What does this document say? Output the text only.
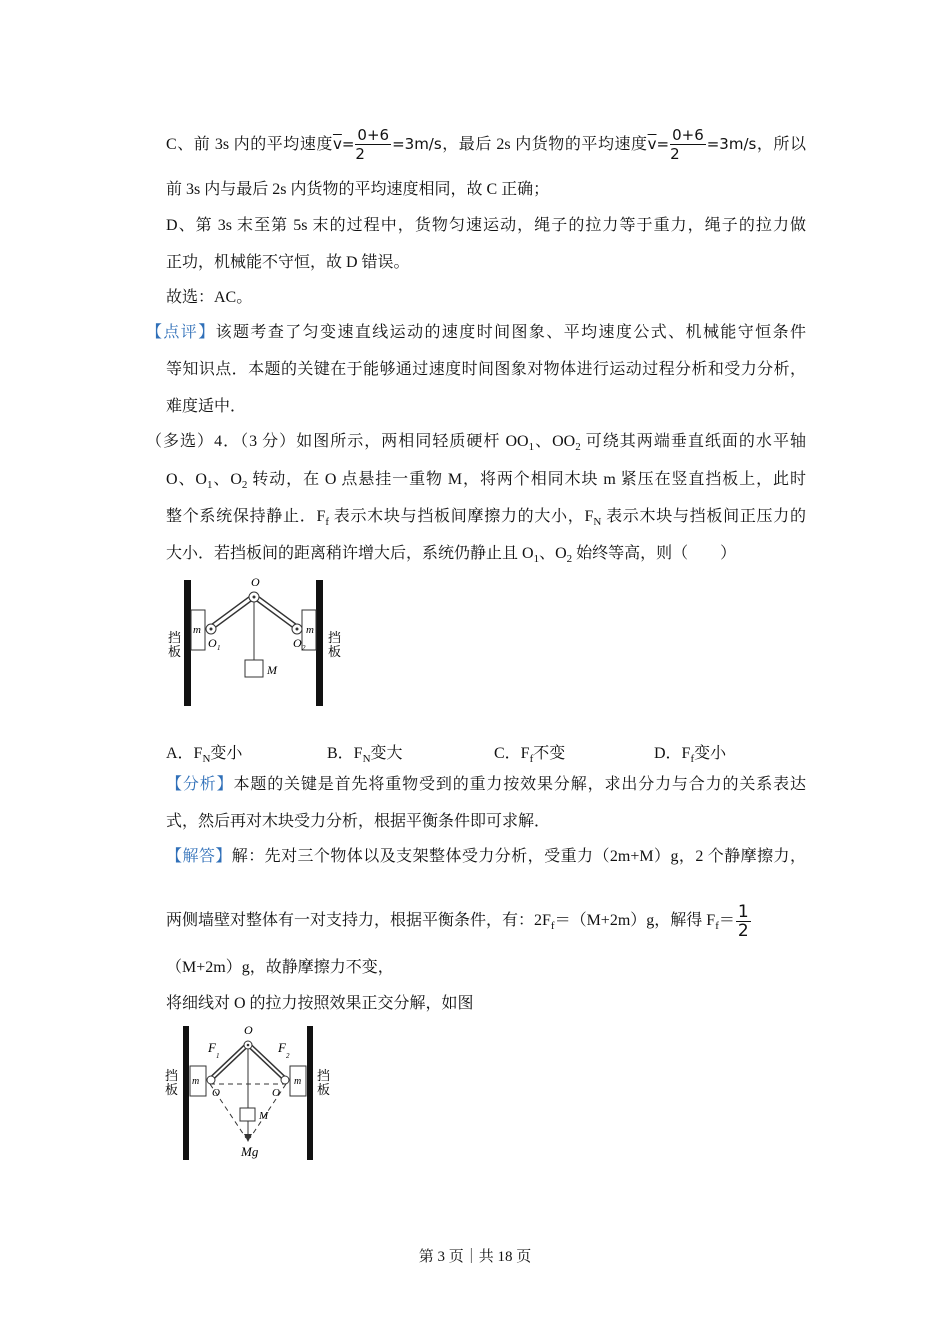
C、前 3s 内的平均速度$\overline{v}= \frac{0+6}{2} =3m/s$，最后 2s 内货物的平均速度$\overline{v}= \frac{0+6}{2} =3m/s$，所以
前 3s 内与最后 2s 内货物的平均速度相同，故 C 正确；
D、第 3s 末至第 5s 末的过程中，货物匀速运动，绳子的拉力等于重力，绳子的拉力做
正功，机械能不守恒，故 D 错误。
故选：AC。
【点评】该题考查了匀变速直线运动的速度时间图象、平均速度公式、机械能守恒条件
等知识点．本题的关键在于能够通过速度时间图象对物体进行运动过程分析和受力分析，
难度适中．
（多选）4．（3 分）如图所示，两相同轻质硬杆 $OO_1$、$OO_2$ 可绕其两端垂直纸面的水平轴
O、$O_1$、$O_2$ 转动，在 O 点悬挂一重物 M，将两个相同木块 m 紧压在竖直挡板上，此时
整个系统保持静止．$F_f$ 表示木块与挡板间摩擦力的大小，$F_N$ 表示木块与挡板间正压力的
大小．若挡板间的距离稍许增大后，系统仍静止且 $O_1$、$O_2$ 始终等高，则（　　）
【分析】本题的关键是首先将重物受到的重力按效果分解，求出分力与合力的关系表达
式，然后再对木块受力分析，根据平衡条件即可求解．
【解答】解：先对三个物体以及支架整体受力分析，受重力（2m+M）g，2 个静摩擦力，
两侧墙壁对整体有一对支持力，根据平衡条件，有：$2F_f=(M+2m)g$，解得 $F_f= \frac{1}{2}$
（M+2m）g，故静摩擦力不变，
将细线对 O 的拉力按照效果正交分解，如图
A．$F_N$变小	B．$F_N$变大	C．$F_f$不变	D．$F_f$变小
O
m	m
O 1	O 2
M
挡
板
挡
板
O
F
1
F
2
m	m
O	O
M
Mg
挡
板
挡
板
第 3 页｜共 18 页
